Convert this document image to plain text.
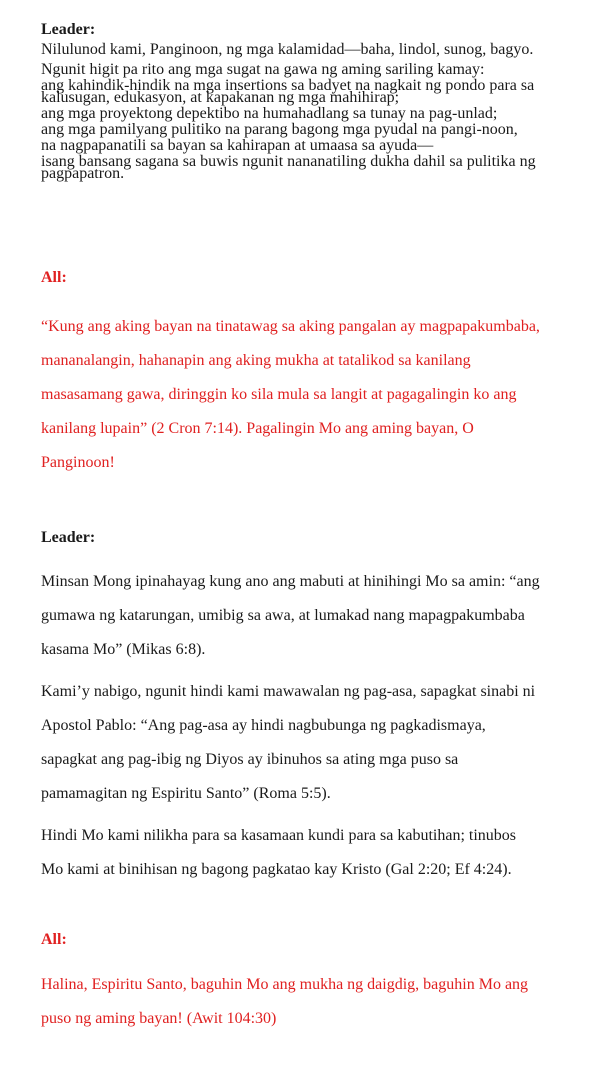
Leader:

Nilulunod kami, Panginoon, ng mga kalamidad—baha, lindol, sunog, bagyo.

Ngunit higit pa rito ang mga sugat na gawa ng aming sariling kamay:

ang kahindik-hindik na mga insertions sa badyet na nagkait ng pondo para sa kalusugan, edukasyon, at kapakanan ng mga mahihirap;

ang mga proyektong depektibo na humahadlang sa tunay na pag-unlad;

ang mga pamilyang pulitiko na parang bagong mga pyudal na pangi-noon,

na nagpapanatili sa bayan sa kahirapan at umaasa sa ayuda—

isang bansang sagana sa buwis ngunit nananatiling dukha dahil sa pulitika ng pagpapatron.

All:

“Kung ang aking bayan na tinatawag sa aking pangalan ay magpapakumbaba, mananalangin, hahanapin ang aking mukha at tatalikod sa kanilang masasamang gawa, diringgin ko sila mula sa langit at pagagalingin ko ang kanilang lupain” (2 Cron 7:14). Pagalingin Mo ang aming bayan, O Panginoon!

Leader:

Minsan Mong ipinahayag kung ano ang mabuti at hinihingi Mo sa amin: “ang gumawa ng katarungan, umibig sa awa, at lumakad nang mapagpakumbaba kasama Mo” (Mikas 6:8).

Kami’y nabigo, ngunit hindi kami mawawalan ng pag-asa, sapagkat sinabi ni Apostol Pablo: “Ang pag-asa ay hindi nagbubunga ng pagkadismaya, sapagkat ang pag-ibig ng Diyos ay ibinuhos sa ating mga puso sa pamamagitan ng Espiritu Santo” (Roma 5:5).

Hindi Mo kami nilikha para sa kasamaan kundi para sa kabutihan; tinubos Mo kami at binihisan ng bagong pagkatao kay Kristo (Gal 2:20; Ef 4:24).

All:

Halina, Espiritu Santo, baguhin Mo ang mukha ng daigdig, baguhin Mo ang puso ng aming bayan! (Awit 104:30)
